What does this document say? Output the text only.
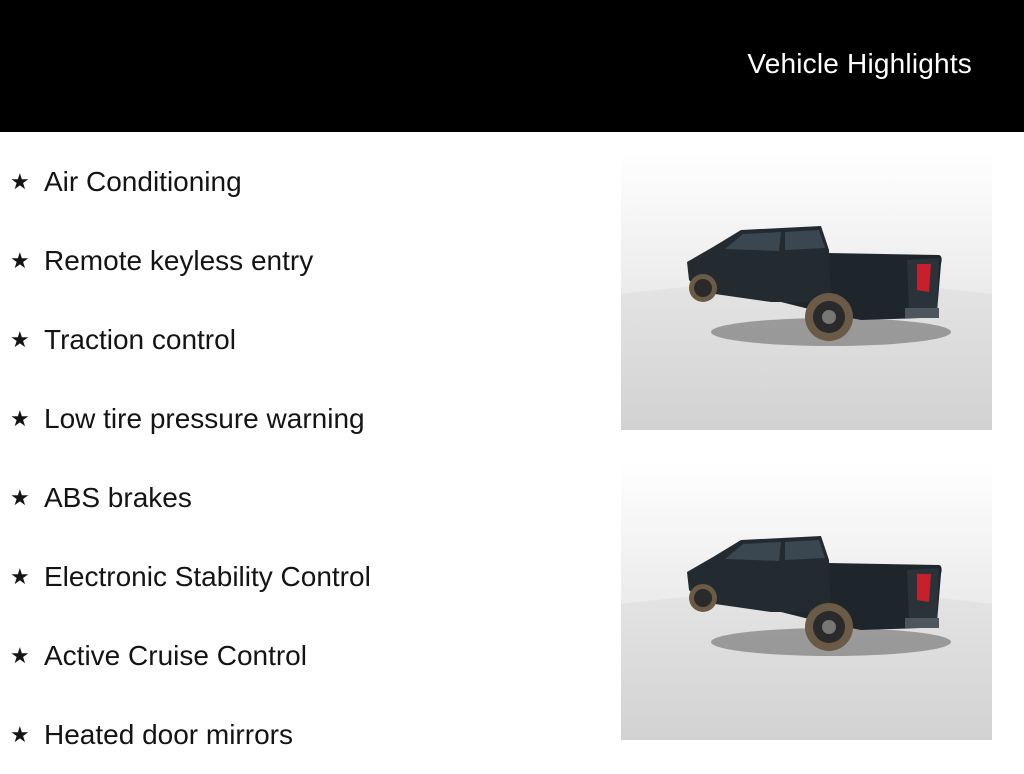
Vehicle Highlights
★ Air Conditioning
★ Remote keyless entry
★ Traction control
★ Low tire pressure warning
★ ABS brakes
★ Electronic Stability Control
★ Active Cruise Control
★ Heated door mirrors
